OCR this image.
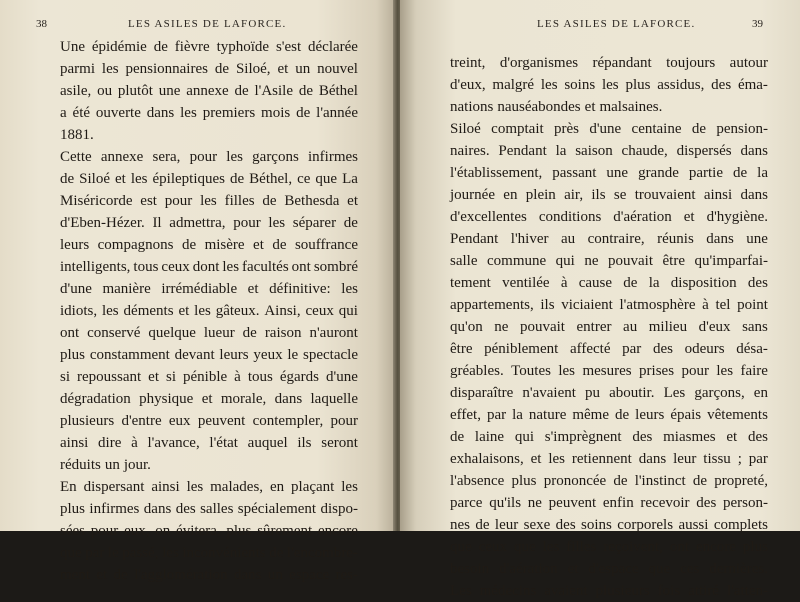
38	LES ASILES DE LAFORCE.
Une épidémie de fièvre typhoïde s'est déclarée
parmi les pensionnaires de Siloé, et un nouvel
asile, ou plutôt une annexe de l'Asile de Béthel
a été ouverte dans les premiers mois de l'année
1881.
Cette annexe sera, pour les garçons infirmes
de Siloé et les épileptiques de Béthel, ce que La
Miséricorde est pour les filles de Bethesda et
d'Eben-Hézer. Il admettra, pour les séparer de
leurs compagnons de misère et de souffrance
intelligents, tous ceux dont les facultés ont sombré
d'une manière irrémédiable et définitive: les
idiots, les déments et les gâteux. Ainsi, ceux qui
ont conservé quelque lueur de raison n'auront
plus constamment devant leurs yeux le spectacle
si repoussant et si pénible à tous égards d'une
dégradation physique et morale, dans laquelle
plusieurs d'entre eux peuvent contempler, pour
ainsi dire à l'avance, l'état auquel ils seront
réduits un jour.
En dispersant ainsi les malades, en plaçant les
plus infirmes dans des salles spécialement dispo-
sées pour eux, on évitera, plus sûrement encore
que par le passé, les inconvénients de l'encombre-
ment et de l'agglomération dans un espace res-
LES ASILES DE LAFORCE.	39
treint, d'organismes répandant toujours autour
d'eux, malgré les soins les plus assidus, des éma-
nations nauséabondes et malsaines.
Siloé comptait près d'une centaine de pension-
naires. Pendant la saison chaude, dispersés dans
l'établissement, passant une grande partie de la
journée en plein air, ils se trouvaient ainsi dans
d'excellentes conditions d'aération et d'hygiène.
Pendant l'hiver au contraire, réunis dans une
salle commune qui ne pouvait être qu'imparfai-
tement ventilée à cause de la disposition des
appartements, ils viciaient l'atmosphère à tel point
qu'on ne pouvait entrer au milieu d'eux sans
être péniblement affecté par des odeurs désa-
gréables. Toutes les mesures prises pour les faire
disparaître n'avaient pu aboutir. Les garçons, en
effet, par la nature même de leurs épais vêtements
de laine qui s'imprègnent des miasmes et des
exhalaisons, et les retiennent dans leur tissu ; par
l'absence plus prononcée de l'instinct de propreté,
parce qu'ils ne peuvent enfin recevoir des person-
nes de leur sexe des soins corporels aussi complets
que ceux que les filles reçoivent, ont encore plus
besoin d'aération et d'espace que ces dernières.
Les médecins avaient plusieurs fois attiré l'atten-
